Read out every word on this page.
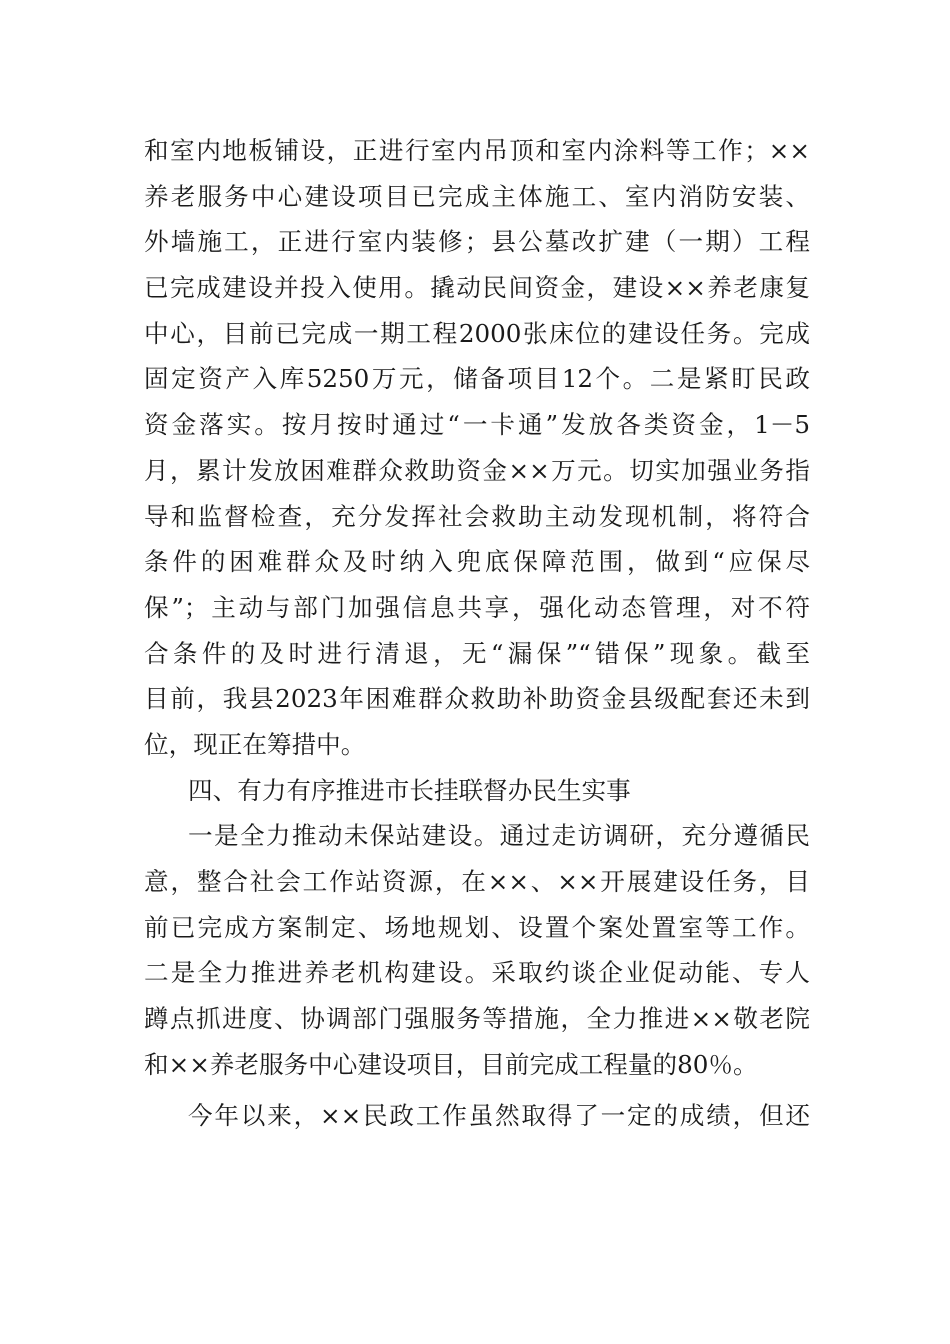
和室内地板铺设，正进行室内吊顶和室内涂料等工作；××
养老服务中心建设项目已完成主体施工、室内消防安装、
外墙施工，正进行室内装修；县公墓改扩建（一期）工程
已完成建设并投入使用。撬动民间资金，建设××养老康复
中心，目前已完成一期工程2000张床位的建设任务。完成
固定资产入库5250万元，储备项目12个。二是紧盯民政
资金落实。按月按时通过“一卡通”发放各类资金，1－5
月，累计发放困难群众救助资金××万元。切实加强业务指
导和监督检查，充分发挥社会救助主动发现机制，将符合
条件的困难群众及时纳入兜底保障范围，做到“应保尽
保”；主动与部门加强信息共享，强化动态管理，对不符
合条件的及时进行清退，无“漏保”“错保”现象。截至
目前，我县2023年困难群众救助补助资金县级配套还未到
位，现正在筹措中。
四、有力有序推进市长挂联督办民生实事
一是全力推动未保站建设。通过走访调研，充分遵循民
意，整合社会工作站资源，在××、××开展建设任务，目
前已完成方案制定、场地规划、设置个案处置室等工作。
二是全力推进养老机构建设。采取约谈企业促动能、专人
蹲点抓进度、协调部门强服务等措施，全力推进××敬老院
和××养老服务中心建设项目，目前完成工程量的80％。
今年以来，××民政工作虽然取得了一定的成绩，但还
